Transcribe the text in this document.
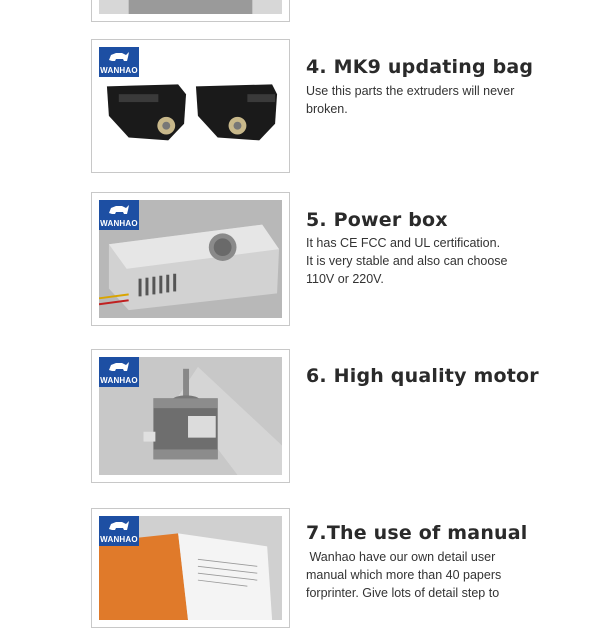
WANHAO	4. MK9 updating bag

Use this parts the extruders will never
broken.

WANHAO	5. Power box

It has CE FCC and UL certification.
It is very stable and also can choose
110V or 220V.

WANHAO	6. High quality motor
WANHAO	7.The use of manual

Wanhao have our own detail user
manual which more than 40 papers
forprinter. Give lots of detail step to
